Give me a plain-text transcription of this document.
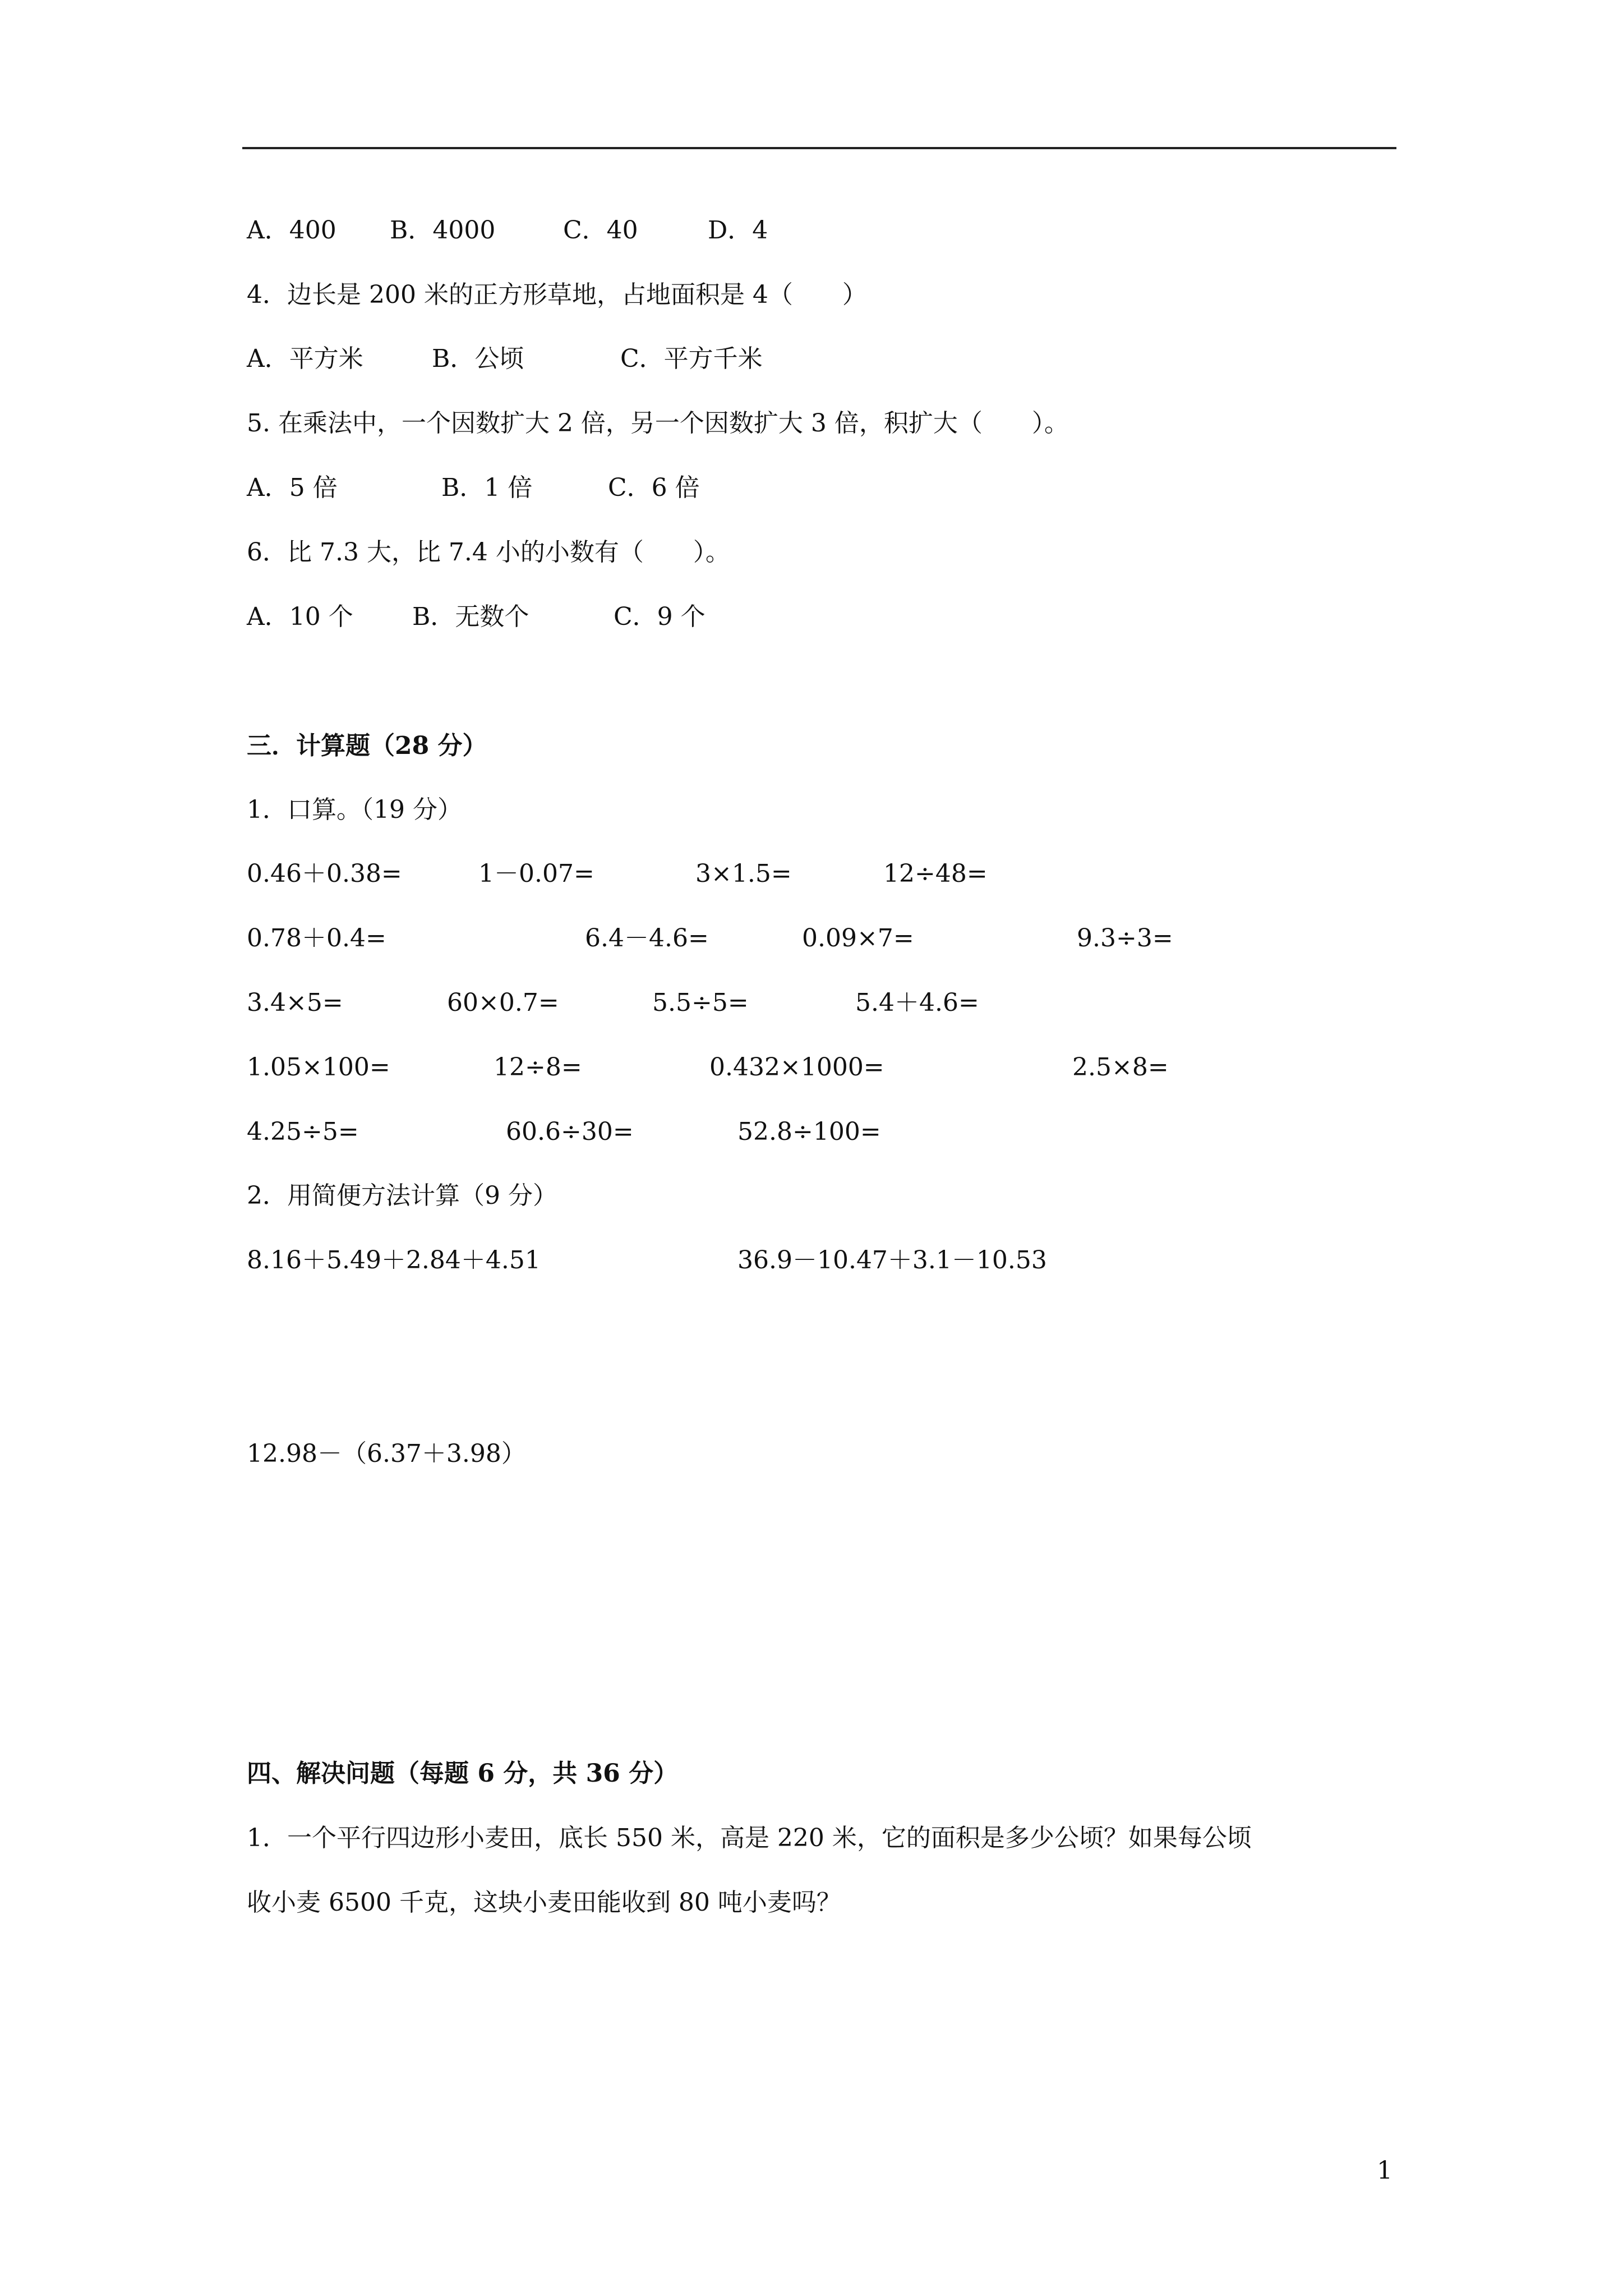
A．400 B．4000	C．40	D．4
4．边长是 200 米的正方形草地，占地面积是 4（　　）
A．平方米	B．公顷	C．平方千米
5. 在乘法中，一个因数扩大 2 倍，另一个因数扩大 3 倍，积扩大（　　）。
A．5 倍	B．1 倍	C．6 倍
6．比 7.3 大，比 7.4 小的小数有（　　）。
A．10 个 B．无数个	C．9 个
三．计算题（28 分）
1．口算。（19 分）
0.46＋0.38=	1－0.07=	3×1.5=	12÷48=
0.78＋0.4=	6.4－4.6=	0.09×7=	9.3÷3=
3.4×5=	60×0.7=	5.5÷5=	5.4＋4.6=
1.05×100=	12÷8=	0.432×1000=	2.5×8=
4.25÷5=	60.6÷30=	52.8÷100=
2．用简便方法计算（9 分）
8.16＋5.49＋2.84＋4.51	36.9－10.47＋3.1－10.53
12.98－（6.37＋3.98）
四、解决问题（每题 6 分，共 36 分）
1．一个平行四边形小麦田，底长 550 米，高是 220 米，它的面积是多少公顷？如果每公顷
收小麦 6500 千克，这块小麦田能收到 80 吨小麦吗？
1
